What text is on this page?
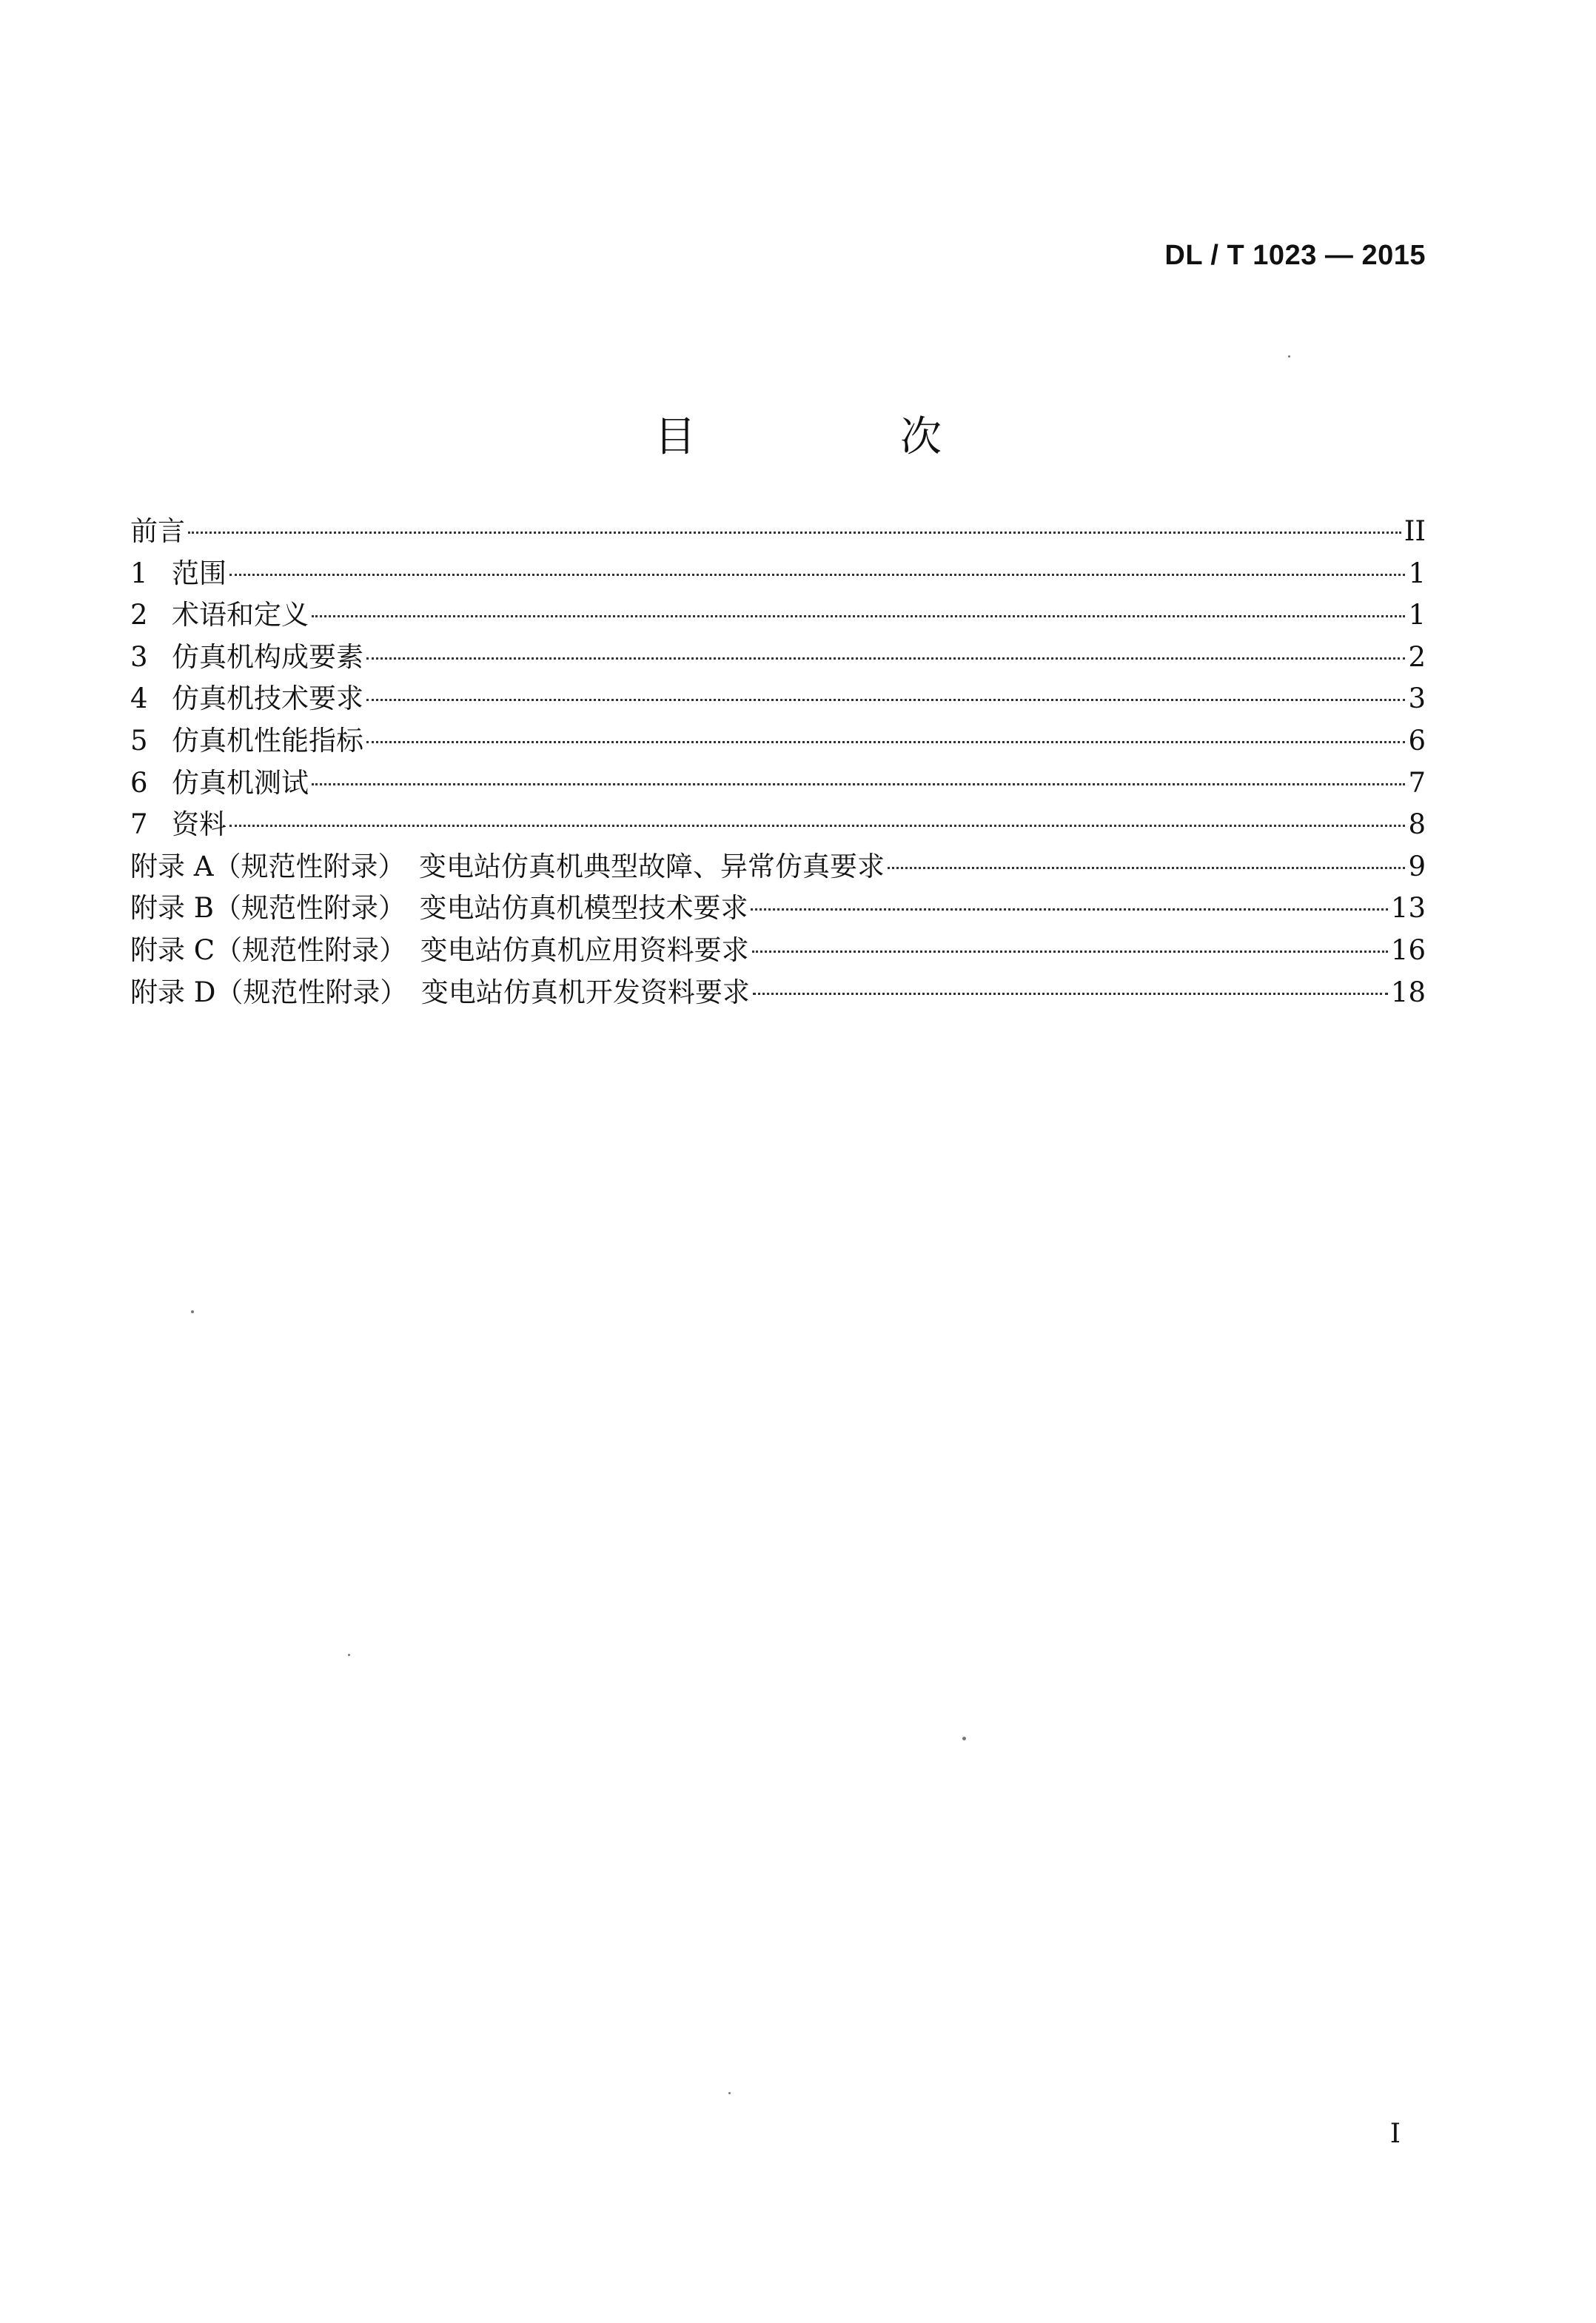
DL / T 1023 — 2015
目　次
前言	II
1 范围	1
2 术语和定义	1
3 仿真机构成要素	2
4 仿真机技术要求	3
5 仿真机性能指标	6
6 仿真机测试	7
7 资料	8
附录 A（规范性附录）　变电站仿真机典型故障、异常仿真要求	9
附录 B（规范性附录）　变电站仿真机模型技术要求	13
附录 C（规范性附录）　变电站仿真机应用资料要求	16
附录 D（规范性附录）　变电站仿真机开发资料要求	18
I
